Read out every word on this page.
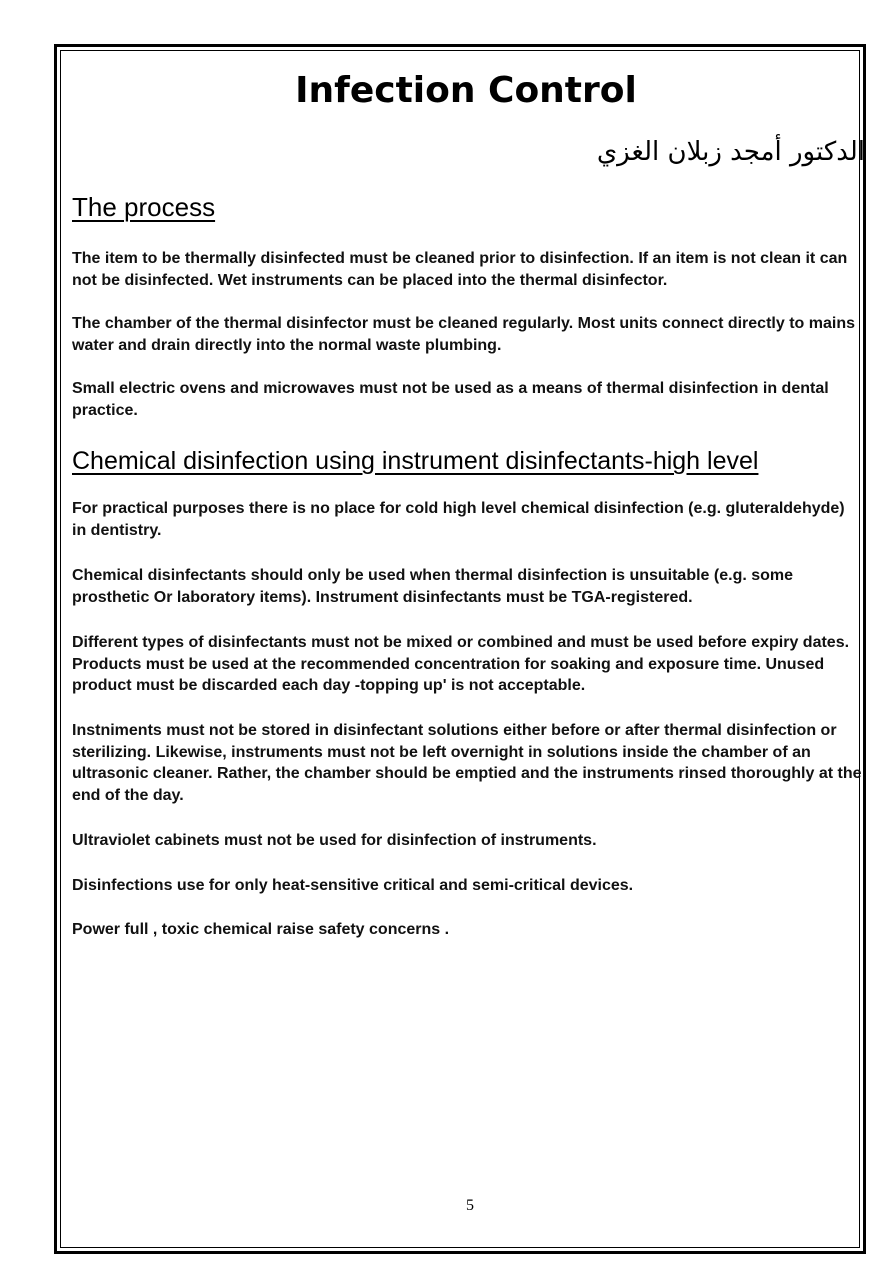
Infection Control

الدكتور أمجد زبلان الغزي

The process

The item to be thermally disinfected must be cleaned prior to disinfection. If an item is not clean it can not be disinfected. Wet instruments can be placed into the thermal disinfector.

The chamber of the thermal disinfector must be cleaned regularly. Most units connect directly to mains water and drain directly into the normal waste plumbing.

Small electric ovens and microwaves must not be used as a means of thermal disinfection in dental practice.

Chemical disinfection using instrument disinfectants-high level

For practical purposes there is no place for cold high level chemical disinfection (e.g. gluteraldehyde) in dentistry.

Chemical disinfectants should only be used when thermal disinfection is unsuitable (e.g. some prosthetic Or laboratory items). Instrument disinfectants must be TGA-registered.

Different types of disinfectants must not be mixed or combined and must be used before expiry dates. Products must be used at the recommended concentration for soaking and exposure time. Unused product must be discarded each day -topping up' is not acceptable.

Instniments must not be stored in disinfectant solutions either before or after thermal disinfection or sterilizing. Likewise, instruments must not be left overnight in solutions inside the chamber of an ultrasonic cleaner. Rather, the chamber should be emptied and the instruments rinsed thoroughly at the end of the day.

Ultraviolet cabinets must not be used for disinfection of instruments.

Disinfections use for only heat-sensitive critical and semi-critical devices.

Power full , toxic chemical raise safety concerns .

5
